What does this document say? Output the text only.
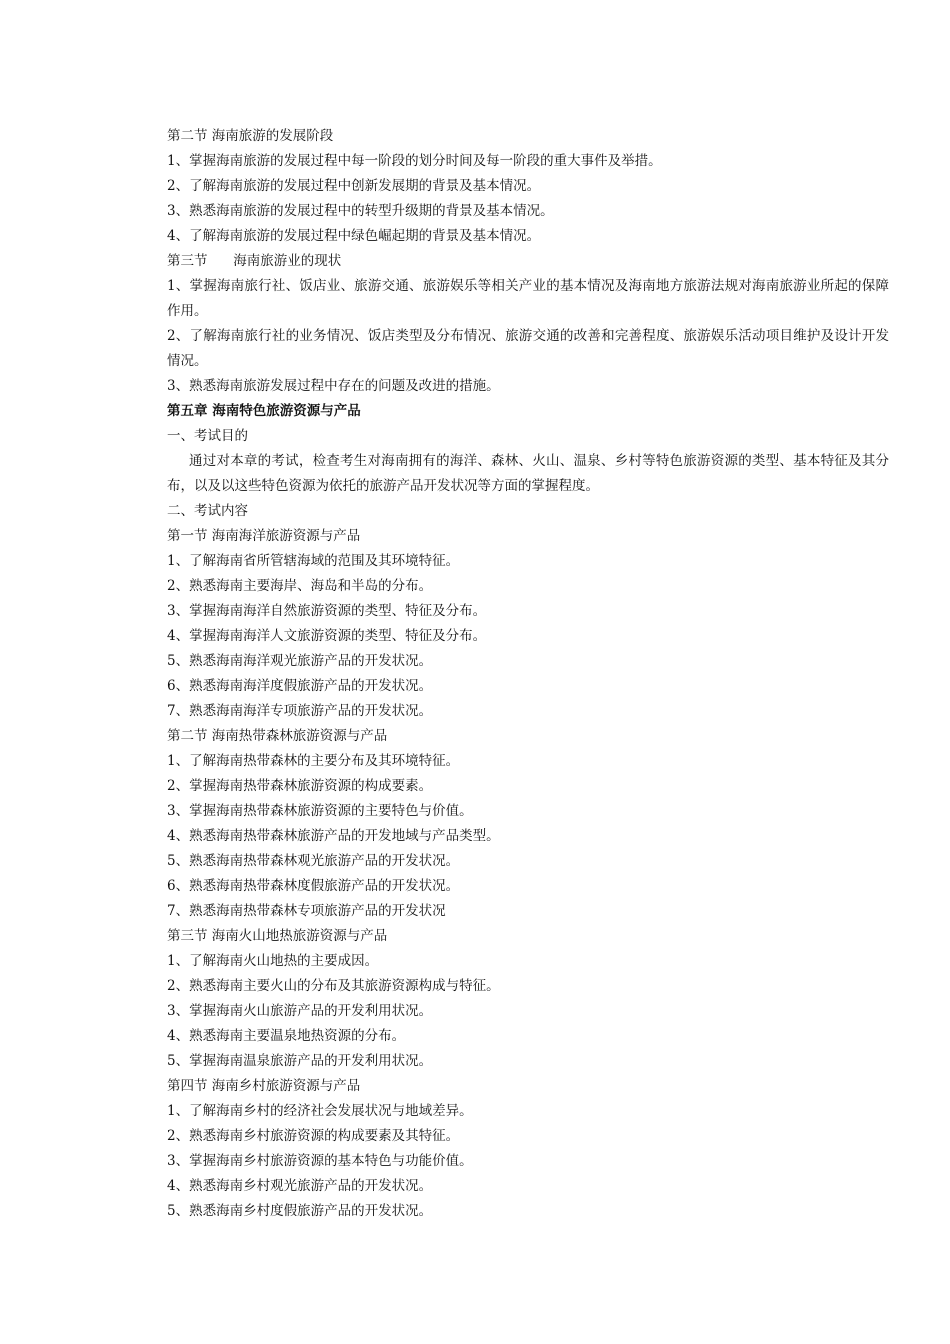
第二节 海南旅游的发展阶段
1、掌握海南旅游的发展过程中每一阶段的划分时间及每一阶段的重大事件及举措。
2、了解海南旅游的发展过程中创新发展期的背景及基本情况。
3、熟悉海南旅游的发展过程中的转型升级期的背景及基本情况。
4、了解海南旅游的发展过程中绿色崛起期的背景及基本情况。
第三节      海南旅游业的现状
1、掌握海南旅行社、饭店业、旅游交通、旅游娱乐等相关产业的基本情况及海南地方旅游法规对海南旅游业所起的保障作用。
2、了解海南旅行社的业务情况、饭店类型及分布情况、旅游交通的改善和完善程度、旅游娱乐活动项目维护及设计开发情况。
3、熟悉海南旅游发展过程中存在的问题及改进的措施。
第五章 海南特色旅游资源与产品
一、考试目的
通过对本章的考试，检查考生对海南拥有的海洋、森林、火山、温泉、乡村等特色旅游资源的类型、基本特征及其分布，以及以这些特色资源为依托的旅游产品开发状况等方面的掌握程度。
二、考试内容
第一节 海南海洋旅游资源与产品
1、了解海南省所管辖海域的范围及其环境特征。
2、熟悉海南主要海岸、海岛和半岛的分布。
3、掌握海南海洋自然旅游资源的类型、特征及分布。
4、掌握海南海洋人文旅游资源的类型、特征及分布。
5、熟悉海南海洋观光旅游产品的开发状况。
6、熟悉海南海洋度假旅游产品的开发状况。
7、熟悉海南海洋专项旅游产品的开发状况。
第二节 海南热带森林旅游资源与产品
1、了解海南热带森林的主要分布及其环境特征。
2、掌握海南热带森林旅游资源的构成要素。
3、掌握海南热带森林旅游资源的主要特色与价值。
4、熟悉海南热带森林旅游产品的开发地域与产品类型。
5、熟悉海南热带森林观光旅游产品的开发状况。
6、熟悉海南热带森林度假旅游产品的开发状况。
7、熟悉海南热带森林专项旅游产品的开发状况
第三节 海南火山地热旅游资源与产品
1、了解海南火山地热的主要成因。
2、熟悉海南主要火山的分布及其旅游资源构成与特征。
3、掌握海南火山旅游产品的开发利用状况。
4、熟悉海南主要温泉地热资源的分布。
5、掌握海南温泉旅游产品的开发利用状况。
第四节 海南乡村旅游资源与产品
1、了解海南乡村的经济社会发展状况与地域差异。
2、熟悉海南乡村旅游资源的构成要素及其特征。
3、掌握海南乡村旅游资源的基本特色与功能价值。
4、熟悉海南乡村观光旅游产品的开发状况。
5、熟悉海南乡村度假旅游产品的开发状况。
